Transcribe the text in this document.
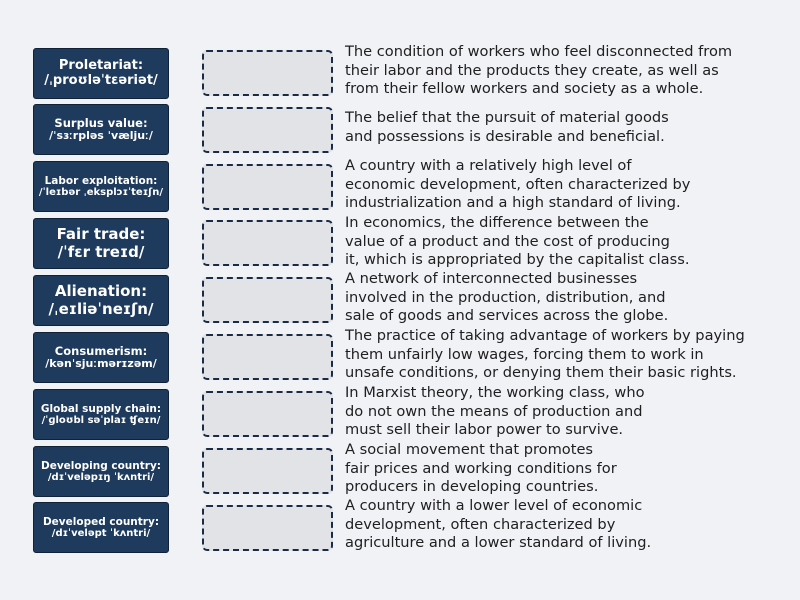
Proletariat:
/ˌproʊləˈtɛəriət/
Surplus value:
/ˈsɜːrpləs ˈvæljuː/
Labor exploitation:
/ˈleɪbər ˌeksplɔɪˈteɪʃn/
Fair trade:
/ˈfɛr treɪd/
Alienation:
/ˌeɪliəˈneɪʃn/
Consumerism:
/kənˈsjuːmərɪzəm/
Global supply chain:
/ˈɡloʊbl səˈplaɪ ʧeɪn/
Developing country:
/dɪˈveləpɪŋ ˈkʌntri/
Developed country:
/dɪˈveləpt ˈkʌntri/
The condition of workers who feel disconnected from
their labor and the products they create, as well as
from their fellow workers and society as a whole.
The belief that the pursuit of material goods
and possessions is desirable and beneficial.
A country with a relatively high level of
economic development, often characterized by
industrialization and a high standard of living.
In economics, the difference between the
value of a product and the cost of producing
it, which is appropriated by the capitalist class.
A network of interconnected businesses
involved in the production, distribution, and
sale of goods and services across the globe.
The practice of taking advantage of workers by paying
them unfairly low wages, forcing them to work in
unsafe conditions, or denying them their basic rights.
In Marxist theory, the working class, who
do not own the means of production and
must sell their labor power to survive.
A social movement that promotes
fair prices and working conditions for
producers in developing countries.
A country with a lower level of economic
development, often characterized by
agriculture and a lower standard of living.
